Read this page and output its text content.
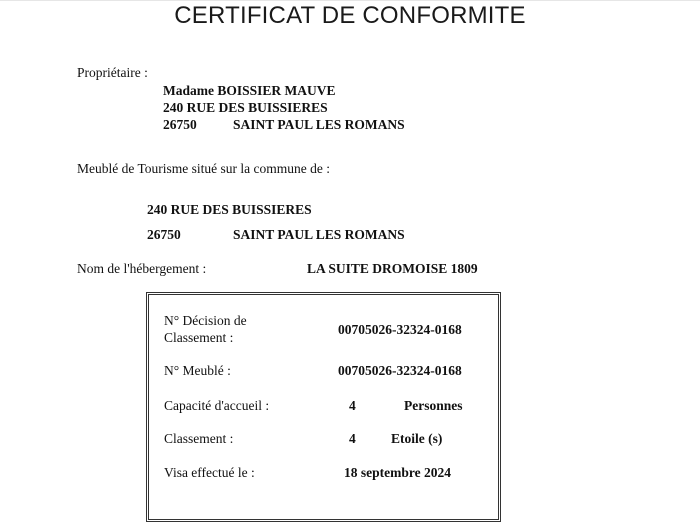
CERTIFICAT DE CONFORMITE
Propriétaire :
Madame BOISSIER MAUVE
240 RUE DES BUISSIERES
26750	SAINT PAUL LES ROMANS
Meublé de Tourisme situé sur la commune de :
240 RUE DES BUISSIERES
26750	SAINT PAUL LES ROMANS
Nom de l'hébergement :	LA SUITE DROMOISE 1809
N° Décision de
Classement :
00705026-32324-0168
N° Meublé :	00705026-32324-0168
Capacité d'accueil :	4	Personnes
Classement :	4	Etoile (s)
Visa effectué le :	18 septembre 2024
